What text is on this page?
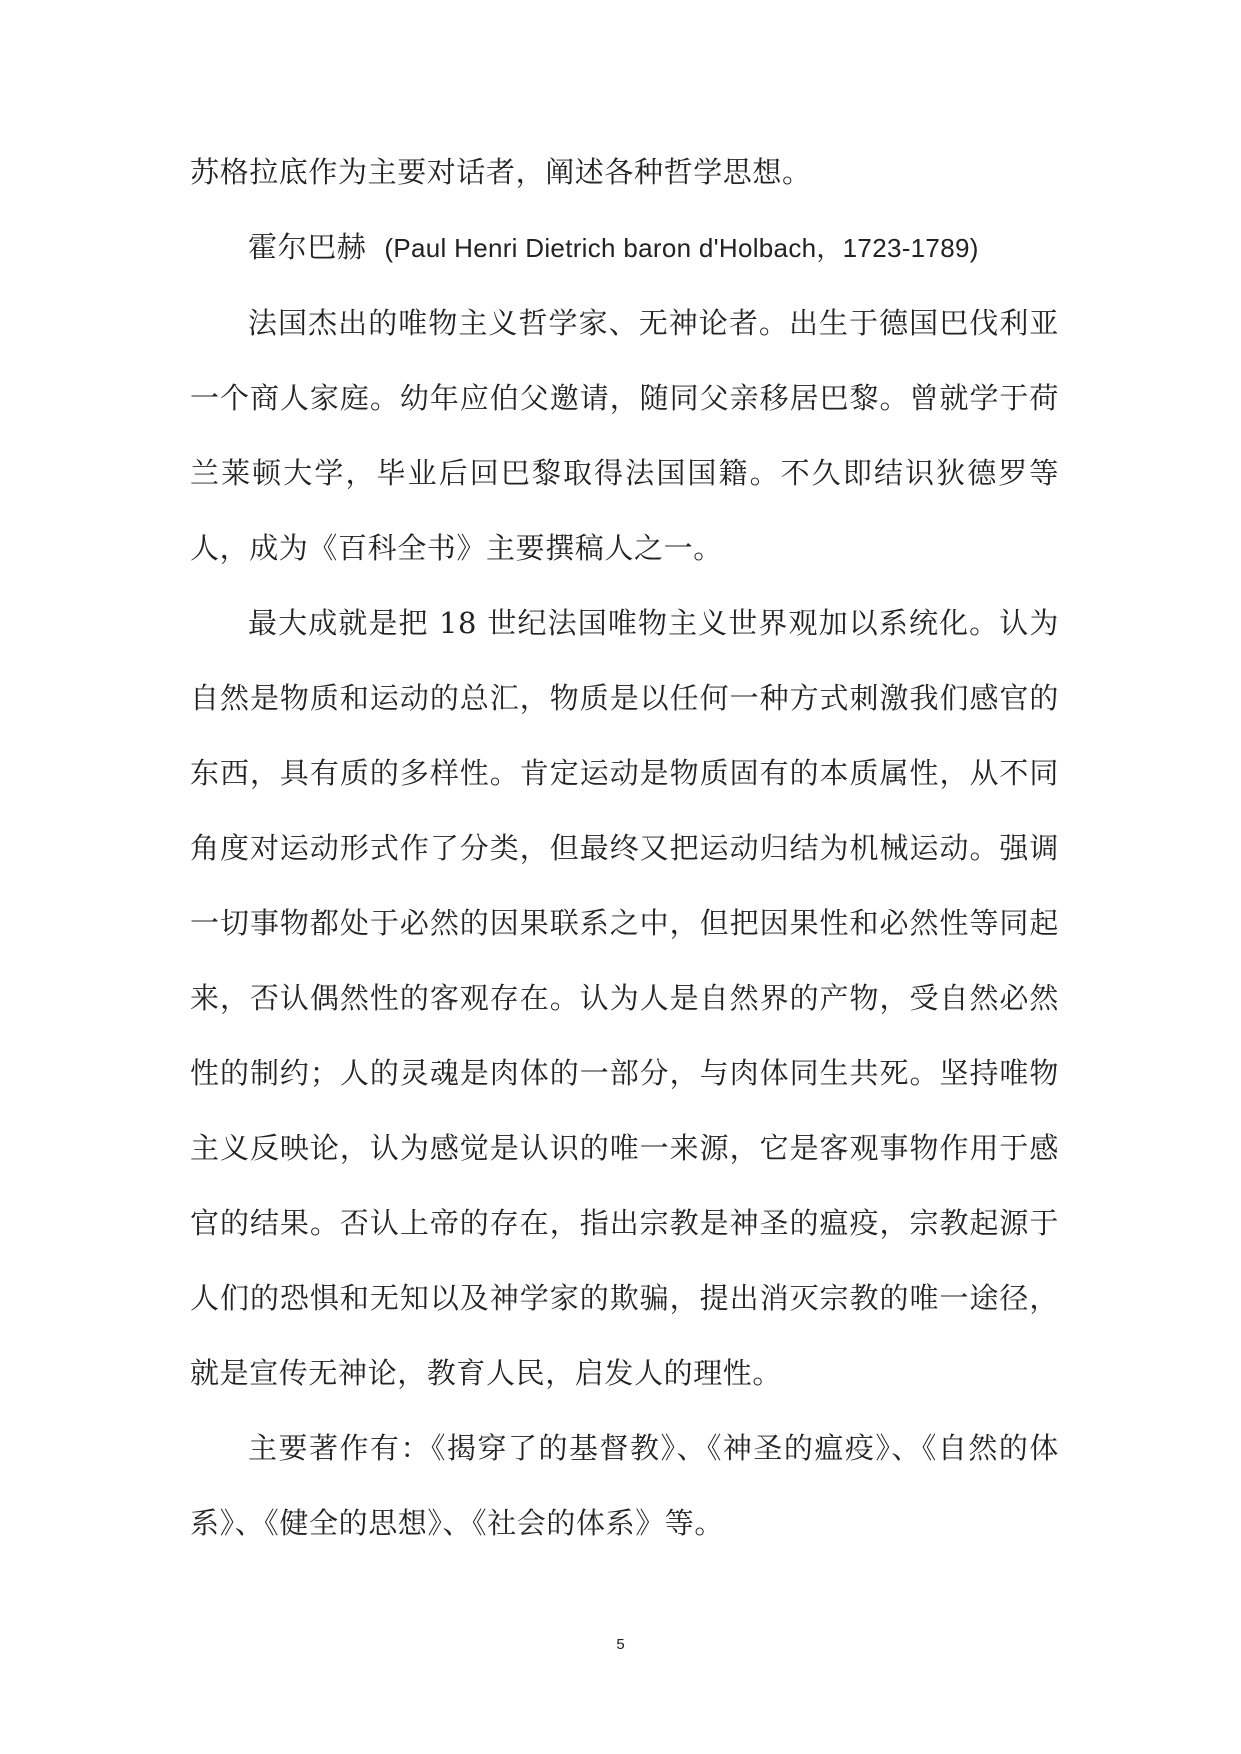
苏格拉底作为主要对话者，阐述各种哲学思想。

霍尔巴赫 (Paul Henri Dietrich baron d'Holbach，1723-1789)

法国杰出的唯物主义哲学家、无神论者。出生于德国巴伐利亚一个商人家庭。幼年应伯父邀请，随同父亲移居巴黎。曾就学于荷兰莱顿大学，毕业后回巴黎取得法国国籍。不久即结识狄德罗等人，成为《百科全书》主要撰稿人之一。

最大成就是把 18 世纪法国唯物主义世界观加以系统化。认为自然是物质和运动的总汇，物质是以任何一种方式刺激我们感官的东西，具有质的多样性。肯定运动是物质固有的本质属性，从不同角度对运动形式作了分类，但最终又把运动归结为机械运动。强调一切事物都处于必然的因果联系之中，但把因果性和必然性等同起来，否认偶然性的客观存在。认为人是自然界的产物，受自然必然性的制约；人的灵魂是肉体的一部分，与肉体同生共死。坚持唯物主义反映论，认为感觉是认识的唯一来源，它是客观事物作用于感官的结果。否认上帝的存在，指出宗教是神圣的瘟疫，宗教起源于人们的恐惧和无知以及神学家的欺骗，提出消灭宗教的唯一途径，就是宣传无神论，教育人民，启发人的理性。

主要著作有：《揭穿了的基督教》、《神圣的瘟疫》、《自然的体系》、《健全的思想》、《社会的体系》等。

5
